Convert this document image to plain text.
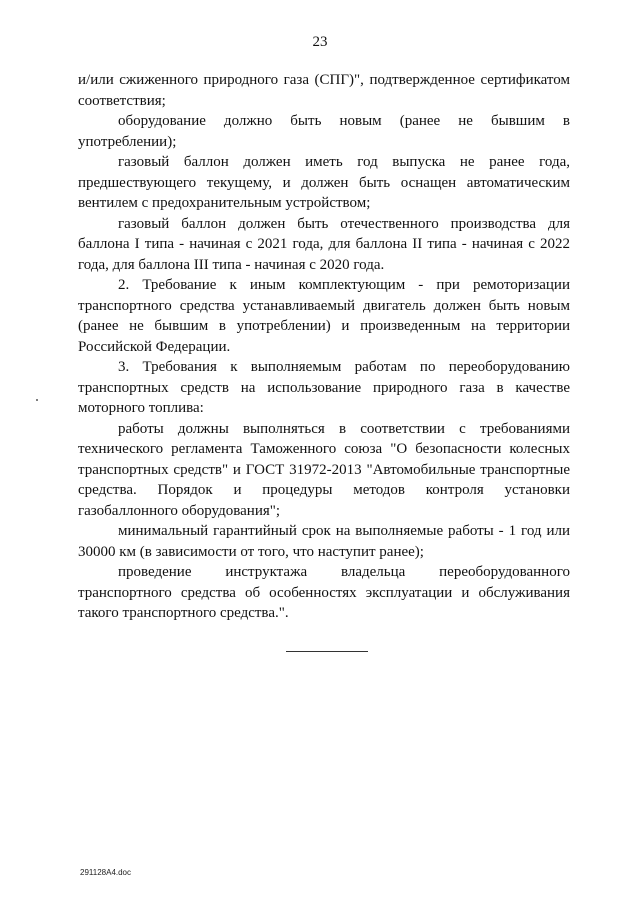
23

и/или сжиженного природного газа (СПГ)", подтвержденное сертификатом соответствия;

оборудование должно быть новым (ранее не бывшим в употреблении);

газовый баллон должен иметь год выпуска не ранее года, предшествующего текущему, и должен быть оснащен автоматическим вентилем с предохранительным устройством;

газовый баллон должен быть отечественного производства для баллона I типа - начиная с 2021 года, для баллона II типа - начиная с 2022 года, для баллона III типа - начиная с 2020 года.

2. Требование к иным комплектующим - при ремоторизации транспортного средства устанавливаемый двигатель должен быть новым (ранее не бывшим в употреблении) и произведенным на территории Российской Федерации.

3. Требования к выполняемым работам по переоборудованию транспортных средств на использование природного газа в качестве моторного топлива:

работы должны выполняться в соответствии с требованиями технического регламента Таможенного союза "О безопасности колесных транспортных средств" и ГОСТ 31972-2013 "Автомобильные транспортные средства. Порядок и процедуры методов контроля установки газобаллонного оборудования";

минимальный гарантийный срок на выполняемые работы - 1 год или 30000 км (в зависимости от того, что наступит ранее);

проведение инструктажа владельца переоборудованного транспортного средства об особенностях эксплуатации и обслуживания такого транспортного средства.".

291128A4.doc
